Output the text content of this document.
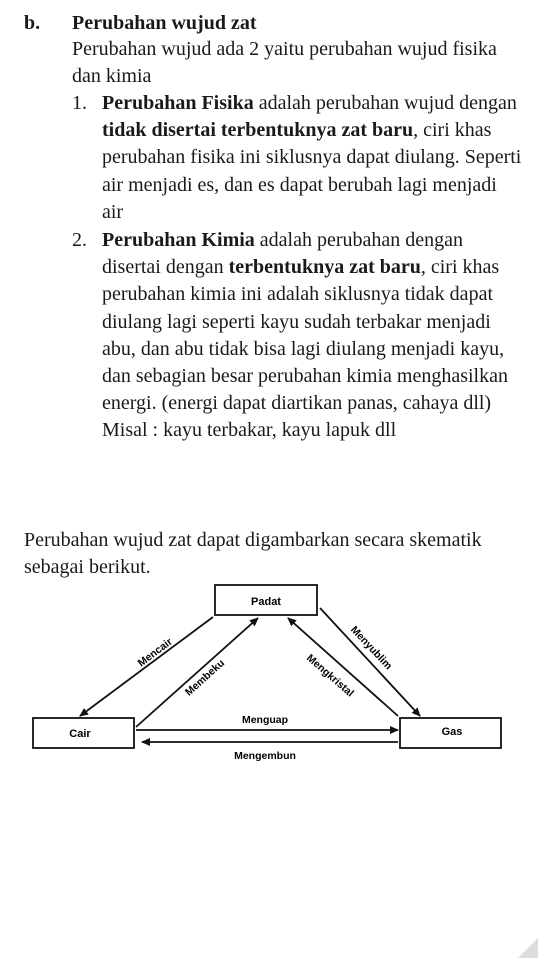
b. Perubahan wujud zat
Perubahan wujud ada 2 yaitu perubahan wujud fisika dan kimia
1. Perubahan Fisika adalah perubahan wujud dengan tidak disertai terbentuknya zat baru, ciri khas perubahan fisika ini siklusnya dapat diulang. Seperti air menjadi es, dan es dapat berubah lagi menjadi air
2. Perubahan Kimia adalah perubahan dengan disertai dengan terbentuknya zat baru, ciri khas perubahan kimia ini adalah siklusnya tidak dapat diulang lagi seperti kayu sudah terbakar menjadi abu, dan abu tidak bisa lagi diulang menjadi kayu, dan sebagian besar perubahan kimia menghasilkan energi. (energi dapat diartikan panas, cahaya dll)
Misal : kayu terbakar, kayu lapuk dll
Perubahan wujud zat dapat digambarkan secara skematik sebagai berikut.
Padat
Cair	Gas
Mencair
Membeku
Menyublim
Mengkristal
Menguap
Mengembun
